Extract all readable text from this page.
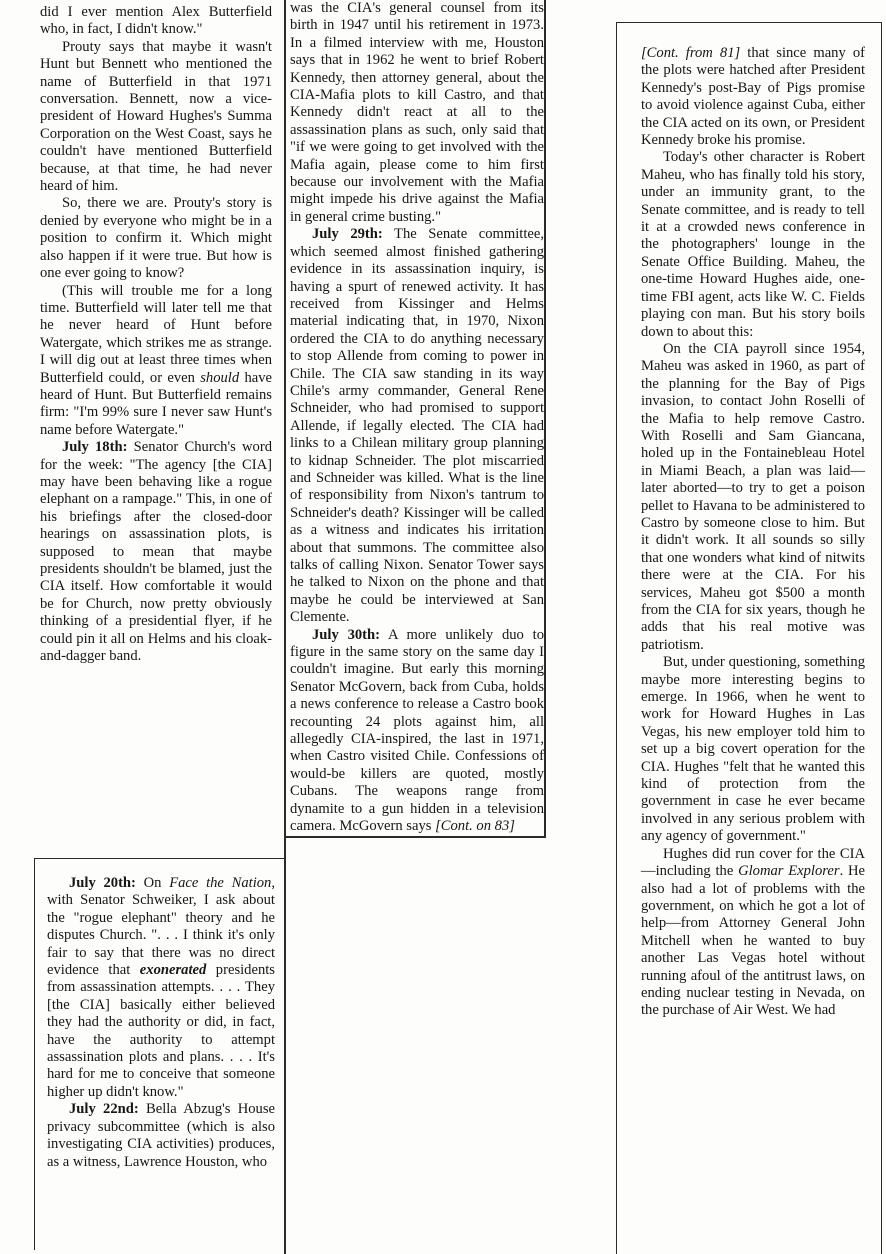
did I ever mention Alex Butterfield who, in fact, I didn't know."

Prouty says that maybe it wasn't Hunt but Bennett who mentioned the name of Butterfield in that 1971 conversation. Bennett, now a vice-president of Howard Hughes's Summa Corporation on the West Coast, says he couldn't have mentioned Butterfield because, at that time, he had never heard of him.

So, there we are. Prouty's story is denied by everyone who might be in a position to confirm it. Which might also happen if it were true. But how is one ever going to know?

(This will trouble me for a long time. Butterfield will later tell me that he never heard of Hunt before Watergate, which strikes me as strange. I will dig out at least three times when Butterfield could, or even should have heard of Hunt. But Butterfield remains firm: "I'm 99% sure I never saw Hunt's name before Watergate."

July 18th: Senator Church's word for the week: "The agency [the CIA] may have been behaving like a rogue elephant on a rampage." This, in one of his briefings after the closed-door hearings on assassination plots, is supposed to mean that maybe presidents shouldn't be blamed, just the CIA itself. How comfortable it would be for Church, now pretty obviously thinking of a presidential flyer, if he could pin it all on Helms and his cloak-and-dagger band.

July 20th: On Face the Nation, with Senator Schweiker, I ask about the "rogue elephant" theory and he disputes Church. ". . . I think it's only fair to say that there was no direct evidence that exonerated presidents from assassination attempts. . . . They [the CIA] basically either believed they had the authority or did, in fact, have the authority to attempt assassination plots and plans. . . . It's hard for me to conceive that someone higher up didn't know."

July 22nd: Bella Abzug's House privacy subcommittee (which is also investigating CIA activities) produces, as a witness, Lawrence Houston, who

was the CIA's general counsel from its birth in 1947 until his retirement in 1973. In a filmed interview with me, Houston says that in 1962 he went to brief Robert Kennedy, then attorney general, about the CIA-Mafia plots to kill Castro, and that Kennedy didn't react at all to the assassination plans as such, only said that "if we were going to get involved with the Mafia again, please come to him first because our involvement with the Mafia might impede his drive against the Mafia in general crime busting."

July 29th: The Senate committee, which seemed almost finished gathering evidence in its assassination inquiry, is having a spurt of renewed activity. It has received from Kissinger and Helms material indicating that, in 1970, Nixon ordered the CIA to do anything necessary to stop Allende from coming to power in Chile. The CIA saw standing in its way Chile's army commander, General Rene Schneider, who had promised to support Allende, if legally elected. The CIA had links to a Chilean military group planning to kidnap Schneider. The plot miscarried and Schneider was killed. What is the line of responsibility from Nixon's tantrum to Schneider's death? Kissinger will be called as a witness and indicates his irritation about that summons. The committee also talks of calling Nixon. Senator Tower says he talked to Nixon on the phone and that maybe he could be interviewed at San Clemente.

July 30th: A more unlikely duo to figure in the same story on the same day I couldn't imagine. But early this morning Senator McGovern, back from Cuba, holds a news conference to release a Castro book recounting 24 plots against him, all allegedly CIA-inspired, the last in 1971, when Castro visited Chile. Confessions of would-be killers are quoted, mostly Cubans. The weapons range from dynamite to a gun hidden in a television camera. McGovern says [Cont. on 83]

[Cont. from 81] that since many of the plots were hatched after President Kennedy's post-Bay of Pigs promise to avoid violence against Cuba, either the CIA acted on its own, or President Kennedy broke his promise.

Today's other character is Robert Maheu, who has finally told his story, under an immunity grant, to the Senate committee, and is ready to tell it at a crowded news conference in the photographers' lounge in the Senate Office Building. Maheu, the one-time Howard Hughes aide, one-time FBI agent, acts like W. C. Fields playing con man. But his story boils down to about this:

On the CIA payroll since 1954, Maheu was asked in 1960, as part of the planning for the Bay of Pigs invasion, to contact John Roselli of the Mafia to help remove Castro. With Roselli and Sam Giancana, holed up in the Fontainebleau Hotel in Miami Beach, a plan was laid—later aborted—to try to get a poison pellet to Havana to be administered to Castro by someone close to him. But it didn't work. It all sounds so silly that one wonders what kind of nitwits there were at the CIA. For his services, Maheu got $500 a month from the CIA for six years, though he adds that his real motive was patriotism.

But, under questioning, something maybe more interesting begins to emerge. In 1966, when he went to work for Howard Hughes in Las Vegas, his new employer told him to set up a big covert operation for the CIA. Hughes "felt that he wanted this kind of protection from the government in case he ever became involved in any serious problem with any agency of government."

Hughes did run cover for the CIA—including the Glomar Explorer. He also had a lot of problems with the government, on which he got a lot of help—from Attorney General John Mitchell when he wanted to buy another Las Vegas hotel without running afoul of the antitrust laws, on ending nuclear testing in Nevada, on the purchase of Air West. We had
